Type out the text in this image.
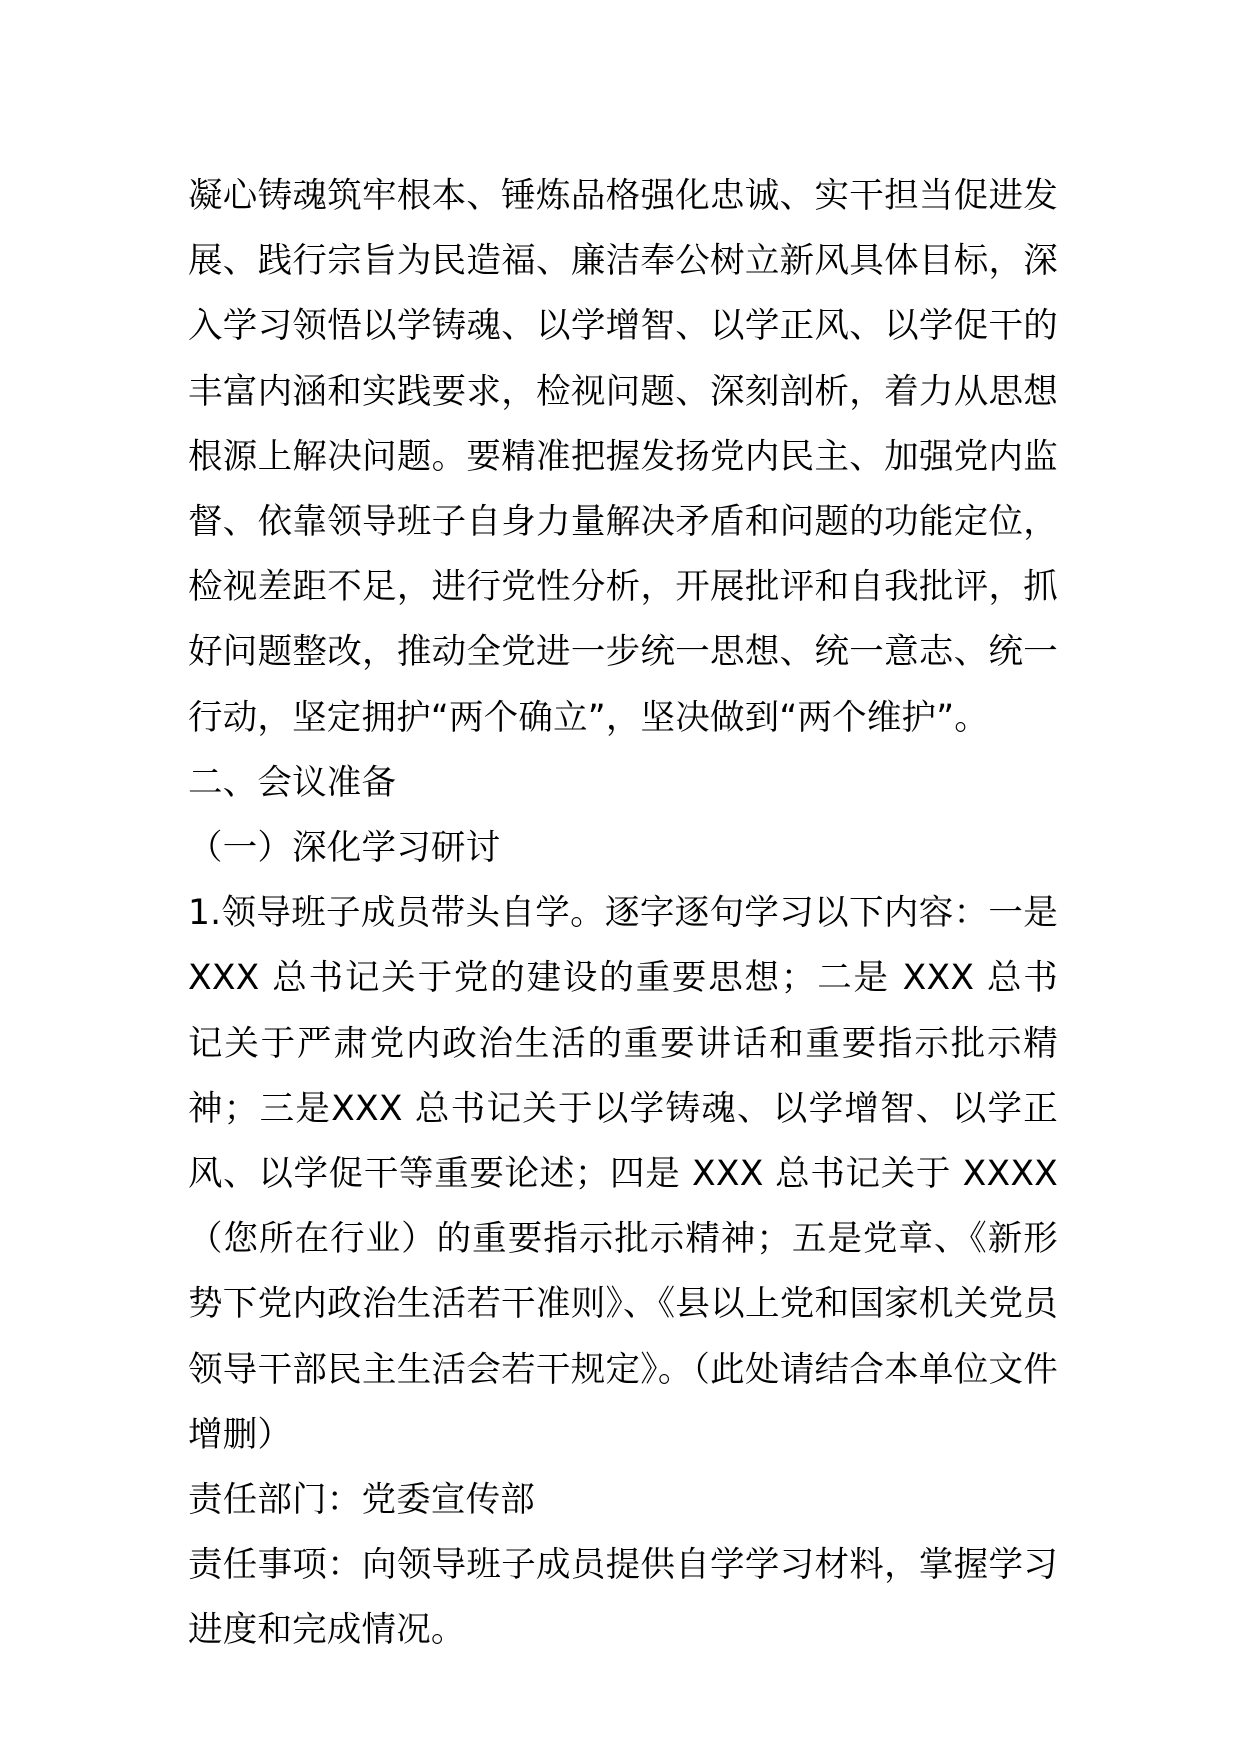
凝心铸魂筑牢根本、锤炼品格强化忠诚、实干担当促进发展、践行宗旨为民造福、廉洁奉公树立新风具体目标，深入学习领悟以学铸魂、以学增智、以学正风、以学促干的丰富内涵和实践要求，检视问题、深刻剖析，着力从思想根源上解决问题。要精准把握发扬党内民主、加强党内监督、依靠领导班子自身力量解决矛盾和问题的功能定位，检视差距不足，进行党性分析，开展批评和自我批评，抓好问题整改，推动全党进一步统一思想、统一意志、统一行动，坚定拥护“两个确立”，坚决做到“两个维护”。

二、会议准备

（一）深化学习研讨

1.领导班子成员带头自学。逐字逐句学习以下内容：一是XXX 总书记关于党的建设的重要思想；二是 XXX 总书记关于严肃党内政治生活的重要讲话和重要指示批示精神；三是XXX 总书记关于以学铸魂、以学增智、以学正风、以学促干等重要论述；四是 XXX 总书记关于 XXXX（您所在行业）的重要指示批示精神；五是党章、《新形势下党内政治生活若干准则》、《县以上党和国家机关党员领导干部民主生活会若干规定》。（此处请结合本单位文件增删）

责任部门：党委宣传部

责任事项：向领导班子成员提供自学学习材料，掌握学习进度和完成情况。
